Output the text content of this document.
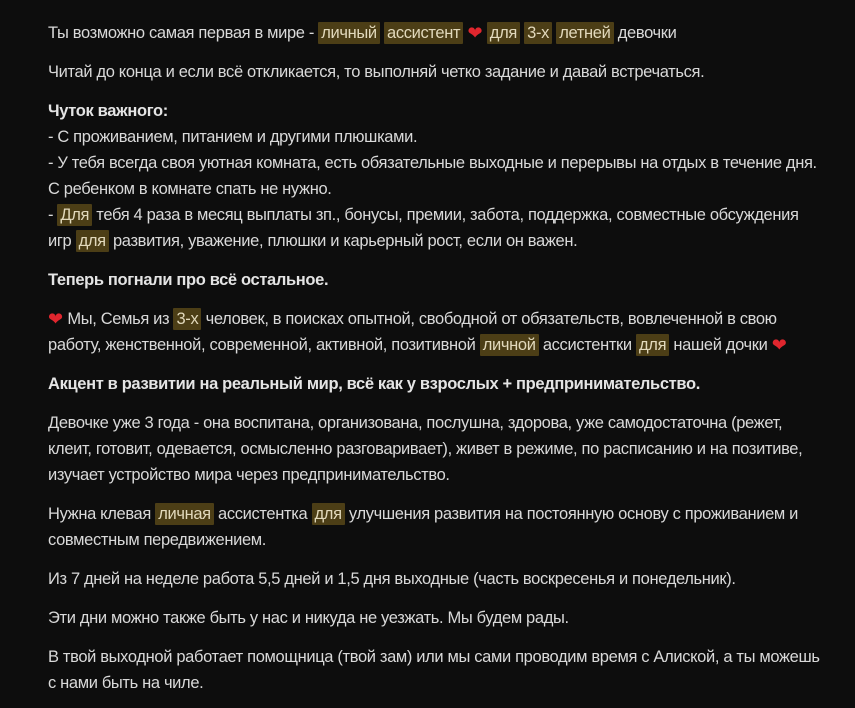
Ты возможно самая первая в мире - личный ассистент ❤ для 3-х летней девочки
Читай до конца и если всё откликается, то выполняй четко задание и давай встречаться.
Чуток важного:
- С проживанием, питанием и другими плюшками.
- У тебя всегда своя уютная комната, есть обязательные выходные и перерывы на отдых в течение дня. С ребенком в комнате спать не нужно.
- Для тебя 4 раза в месяц выплаты зп., бонусы, премии, забота, поддержка, совместные обсуждения игр для развития, уважение, плюшки и карьерный рост, если он важен.
Теперь погнали про всё остальное.
❤ Мы, Семья из 3-х человек, в поисках опытной, свободной от обязательств, вовлеченной в свою работу, женственной, современной, активной, позитивной личной ассистентки для нашей дочки ❤
Акцент в развитии на реальный мир, всё как у взрослых + предпринимательство.
Девочке уже 3 года - она воспитана, организована, послушна, здорова, уже самодостаточна (режет, клеит, готовит, одевается, осмысленно разговаривает), живет в режиме, по расписанию и на позитиве, изучает устройство мира через предпринимательство.
Нужна клевая личная ассистентка для улучшения развития на постоянную основу с проживанием и совместным передвижением.
Из 7 дней на неделе работа 5,5 дней и 1,5 дня выходные (часть воскресенья и понедельник).
Эти дни можно также быть у нас и никуда не уезжать. Мы будем рады.
В твой выходной работает помощница (твой зам) или мы сами проводим время с Алиской, а ты можешь с нами быть на чиле.
